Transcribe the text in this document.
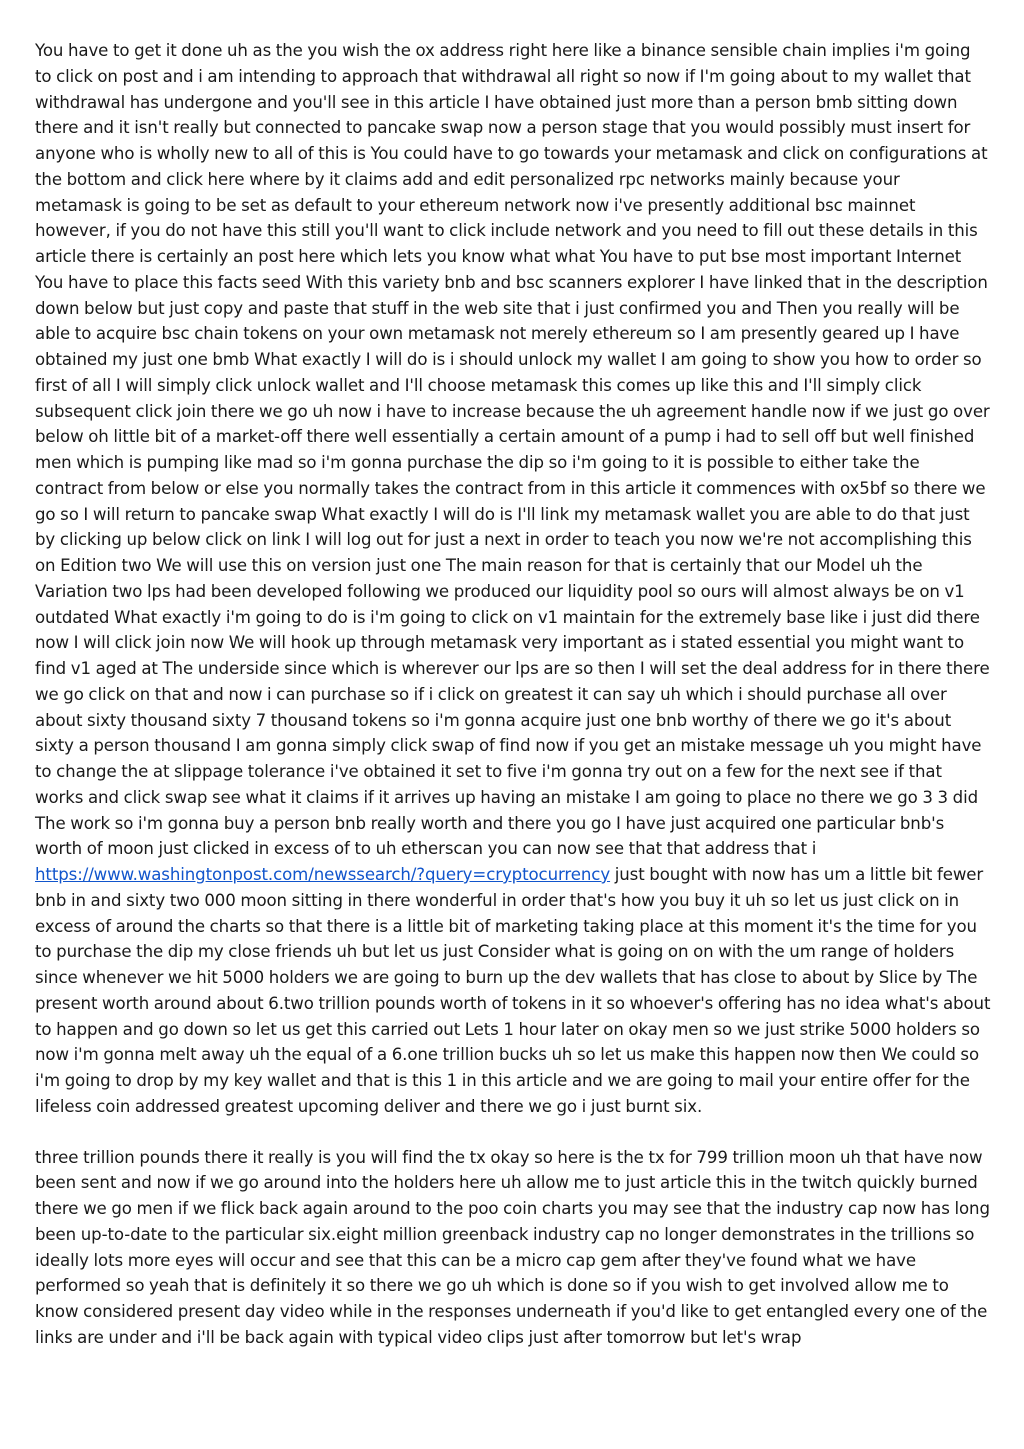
You have to get it done uh as the you wish the ox address right here like a binance sensible chain implies i'm going to click on post and i am intending to approach that withdrawal all right so now if I'm going about to my wallet that withdrawal has undergone and you'll see in this article I have obtained just more than a person bmb sitting down there and it isn't really but connected to pancake swap now a person stage that you would possibly must insert for anyone who is wholly new to all of this is You could have to go towards your metamask and click on configurations at the bottom and click here where by it claims add and edit personalized rpc networks mainly because your metamask is going to be set as default to your ethereum network now i've presently additional bsc mainnet however, if you do not have this still you'll want to click include network and you need to fill out these details in this article there is certainly an post here which lets you know what what You have to put bse most important Internet You have to place this facts seed With this variety bnb and bsc scanners explorer I have linked that in the description down below but just copy and paste that stuff in the web site that i just confirmed you and Then you really will be able to acquire bsc chain tokens on your own metamask not merely ethereum so I am presently geared up I have obtained my just one bmb What exactly I will do is i should unlock my wallet I am going to show you how to order so first of all I will simply click unlock wallet and I'll choose metamask this comes up like this and I'll simply click subsequent click join there we go uh now i have to increase because the uh agreement handle now if we just go over below oh little bit of a market-off there well essentially a certain amount of a pump i had to sell off but well finished men which is pumping like mad so i'm gonna purchase the dip so i'm going to it is possible to either take the contract from below or else you normally takes the contract from in this article it commences with ox5bf so there we go so I will return to pancake swap What exactly I will do is I'll link my metamask wallet you are able to do that just by clicking up below click on link I will log out for just a next in order to teach you now we're not accomplishing this on Edition two We will use this on version just one The main reason for that is certainly that our Model uh the Variation two lps had been developed following we produced our liquidity pool so ours will almost always be on v1 outdated What exactly i'm going to do is i'm going to click on v1 maintain for the extremely base like i just did there now I will click join now We will hook up through metamask very important as i stated essential you might want to find v1 aged at The underside since which is wherever our lps are so then I will set the deal address for in there there we go click on that and now i can purchase so if i click on greatest it can say uh which i should purchase all over about sixty thousand sixty 7 thousand tokens so i'm gonna acquire just one bnb worthy of there we go it's about sixty a person thousand I am gonna simply click swap of find now if you get an mistake message uh you might have to change the at slippage tolerance i've obtained it set to five i'm gonna try out on a few for the next see if that works and click swap see what it claims if it arrives up having an mistake I am going to place no there we go 3 3 did The work so i'm gonna buy a person bnb really worth and there you go I have just acquired one particular bnb's worth of moon just clicked in excess of to uh etherscan you can now see that that address that i https://www.washingtonpost.com/newssearch/?query=cryptocurrency just bought with now has um a little bit fewer bnb in and sixty two 000 moon sitting in there wonderful in order that's how you buy it uh so let us just click on in excess of around the charts so that there is a little bit of marketing taking place at this moment it's the time for you to purchase the dip my close friends uh but let us just Consider what is going on on with the um range of holders since whenever we hit 5000 holders we are going to burn up the dev wallets that has close to about by Slice by The present worth around about 6.two trillion pounds worth of tokens in it so whoever's offering has no idea what's about to happen and go down so let us get this carried out Lets 1 hour later on okay men so we just strike 5000 holders so now i'm gonna melt away uh the equal of a 6.one trillion bucks uh so let us make this happen now then We could so i'm going to drop by my key wallet and that is this 1 in this article and we are going to mail your entire offer for the lifeless coin addressed greatest upcoming deliver and there we go i just burnt six.

three trillion pounds there it really is you will find the tx okay so here is the tx for 799 trillion moon uh that have now been sent and now if we go around into the holders here uh allow me to just article this in the twitch quickly burned there we go men if we flick back again around to the poo coin charts you may see that the industry cap now has long been up-to-date to the particular six.eight million greenback industry cap no longer demonstrates in the trillions so ideally lots more eyes will occur and see that this can be a micro cap gem after they've found what we have performed so yeah that is definitely it so there we go uh which is done so if you wish to get involved allow me to know considered present day video while in the responses underneath if you'd like to get entangled every one of the links are under and i'll be back again with typical video clips just after tomorrow but let's wrap
